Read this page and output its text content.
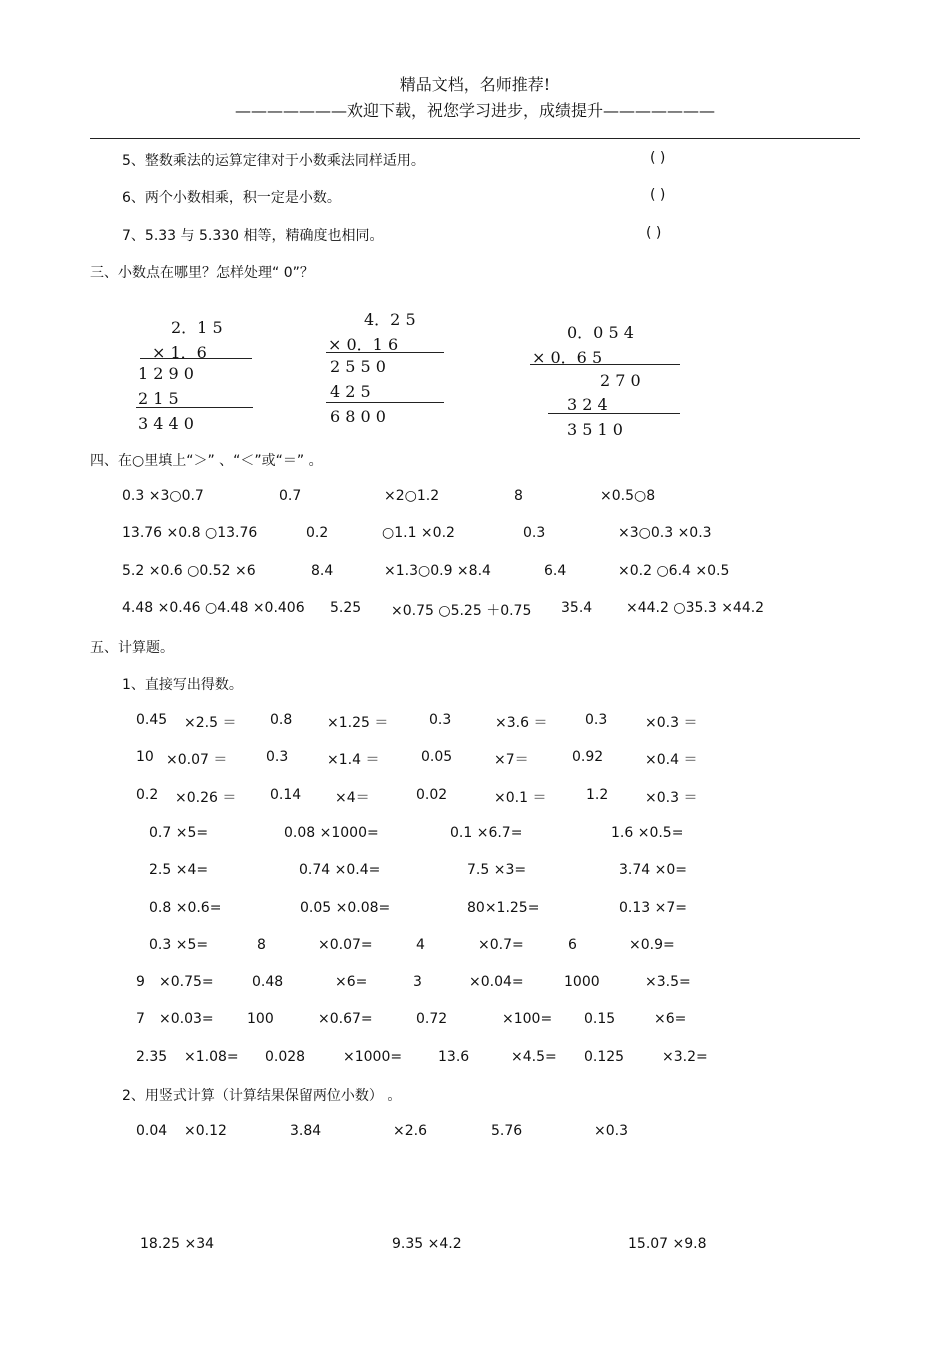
精品文档，名师推荐!
———————欢迎下载，祝您学习进步，成绩提升———————
5、整数乘法的运算定律对于小数乘法同样适用。	( )
6、两个小数相乘，积一定是小数。	( )
7、5.33 与 5.330 相等，精确度也相同。	( )
三、小数点在哪里？怎样处理“ 0”？
2．1 5
× 1．6
1 2 9 0
2 1 5
3 4 4 0
4．2 5
× 0．1 6
2 5 5 0
4 2 5
6 8 0 0
0．0 5 4
× 0．6 5
2 7 0
3 2 4
3 5 1 0
四、在○里填上“＞” 、“＜”或“＝” 。
0.3 ×3○0.7	0.7	×2○1.2	8	×0.5○8
13.76 ×0.8 ○13.76	0.2	○1.1 ×0.2	0.3	×3○0.3 ×0.3
5.2 ×0.6 ○0.52 ×6	8.4	×1.3○0.9 ×8.4	6.4	×0.2 ○6.4 ×0.5
4.48 ×0.46 ○4.48 ×0.406 5.25 ×0.75 ○5.25 ＋0.75 35.4 ×44.2 ○35.3 ×44.2
五、计算题。
1、直接写出得数。
0.45 ×2.5 ＝ 0.8 ×1.25 ＝	0.3	×3.6 ＝	0.3	×0.3 ＝
10 ×0.07 ＝	0.3	×1.4 ＝	0.05	×7＝	0.92	×0.4 ＝
0.2 ×0.26 ＝ 0.14 ×4＝	0.02	×0.1 ＝	1.2	×0.3 ＝
0.7 ×5=	0.08 ×1000=	0.1 ×6.7=	1.6 ×0.5=
2.5 ×4=	0.74 ×0.4=	7.5 ×3=	3.74 ×0=
0.8 ×0.6=	0.05 ×0.08=	80×1.25=	0.13 ×7=
0.3 ×5=	8	×0.07=	4	×0.7=	6	×0.9=
9 ×0.75=	0.48	×6=	3	×0.04=	1000	×3.5=
7 ×0.03= 100	×0.67=	0.72	×100= 0.15	×6=
2.35 ×1.08= 0.028	×1000=	13.6	×4.5= 0.125	×3.2=
2、用竖式计算（计算结果保留两位小数） 。
0.04 ×0.12	3.84	×2.6	5.76	×0.3
18.25 ×34	9.35 ×4.2	15.07 ×9.8
